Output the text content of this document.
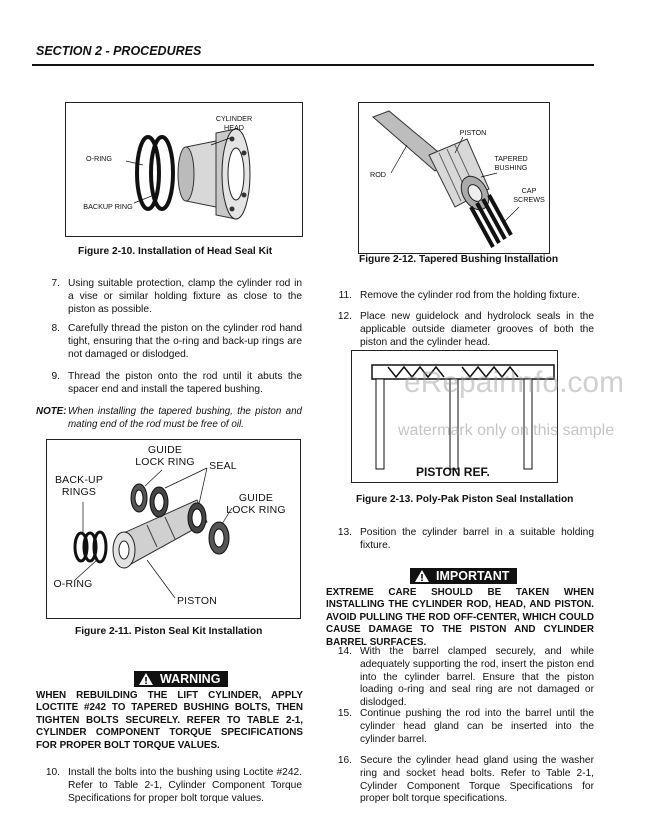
SECTION 2 - PROCEDURES
CYLINDER HEAD
O-RING
BACKUP RING
Figure 2-10. Installation of Head Seal Kit
7. Using suitable protection, clamp the cylinder rod in a vise or similar holding fixture as close to the piston as possible.
8. Carefully thread the piston on the cylinder rod hand tight, ensuring that the o-ring and back-up rings are not damaged or dislodged.
9. Thread the piston onto the rod until it abuts the spacer end and install the tapered bushing.
NOTE: When installing the tapered bushing, the piston and mating end of the rod must be free of oil.
GUIDE LOCK RING	SEAL
BACK-UP RINGS	GUIDE LOCK RING
O-RING
PISTON
Figure 2-11. Piston Seal Kit Installation
WARNING
WHEN REBUILDING THE LIFT CYLINDER, APPLY LOCTITE #242 TO TAPERED BUSHING BOLTS, THEN TIGHTEN BOLTS SECURELY. REFER TO TABLE 2-1, CYLINDER COMPONENT TORQUE SPECIFICATIONS FOR PROPER BOLT TORQUE VALUES.
10. Install the bolts into the bushing using Loctite #242. Refer to Table 2-1, Cylinder Component Torque Specifications for proper bolt torque values.
PISTON
ROD
TAPERED BUSHING
CAP SCREWS
Figure 2-12. Tapered Bushing Installation
11. Remove the cylinder rod from the holding fixture.
12. Place new guidelock and hydrolock seals in the applicable outside diameter grooves of both the piston and the cylinder head.
PISTON REF.
Figure 2-13. Poly-Pak Piston Seal Installation
eRepairInfo.com
watermark only on this sample
13. Position the cylinder barrel in a suitable holding fixture.
IMPORTANT
EXTREME CARE SHOULD BE TAKEN WHEN INSTALLING THE CYLINDER ROD, HEAD, AND PISTON. AVOID PULLING THE ROD OFF-CENTER, WHICH COULD CAUSE DAMAGE TO THE PISTON AND CYLINDER BARREL SURFACES.
14. With the barrel clamped securely, and while adequately supporting the rod, insert the piston end into the cylinder barrel. Ensure that the piston loading o-ring and seal ring are not damaged or dislodged.
15. Continue pushing the rod into the barrel until the cylinder head gland can be inserted into the cylinder barrel.
16. Secure the cylinder head gland using the washer ring and socket head bolts. Refer to Table 2-1, Cylinder Component Torque Specifications for proper bolt torque specifications.
